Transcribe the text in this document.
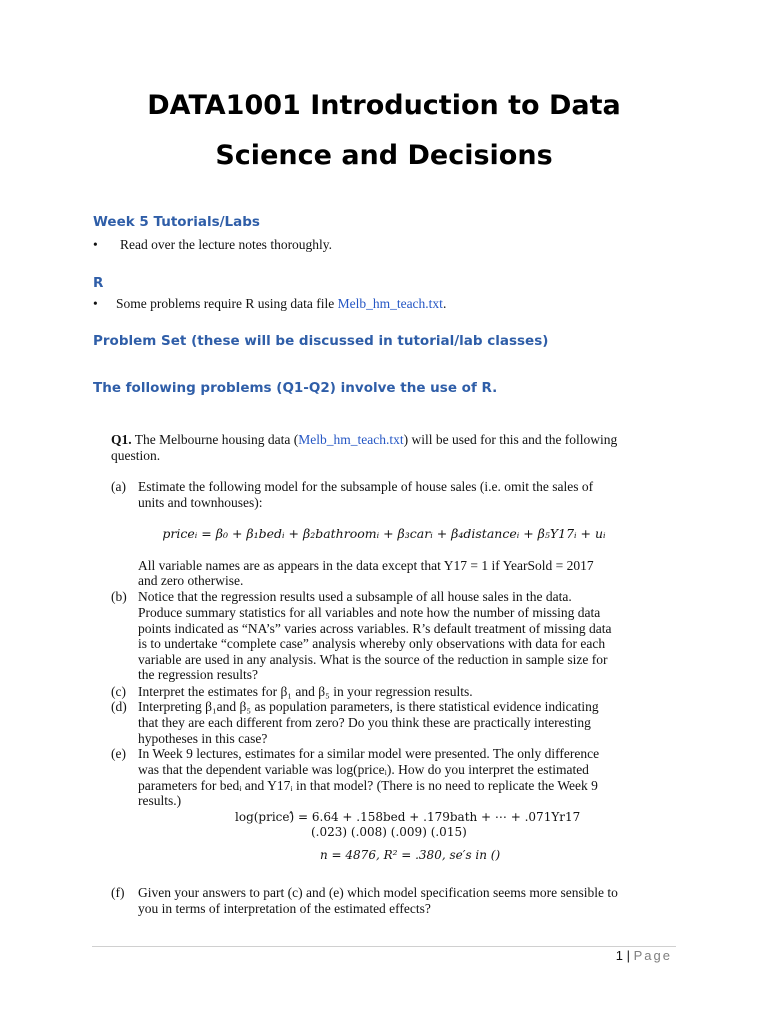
DATA1001 Introduction to Data
Science and Decisions
Week 5 Tutorials/Labs
• Read over the lecture notes thoroughly.
R
• Some problems require R using data file Melb_hm_teach.txt.
Problem Set (these will be discussed in tutorial/lab classes)
The following problems (Q1-Q2) involve the use of R.
Q1. The Melbourne housing data (Melb_hm_teach.txt) will be used for this and the following
question.
(a) Estimate the following model for the subsample of house sales (i.e. omit the sales of
units and townhouses):
priceᵢ = β₀ + β₁bedᵢ + β₂bathroomᵢ + β₃carᵢ + β₄distanceᵢ + β₅Y17ᵢ + uᵢ
All variable names are as appears in the data except that Y17 = 1 if YearSold = 2017
and zero otherwise.
(b) Notice that the regression results used a subsample of all house sales in the data.
Produce summary statistics for all variables and note how the number of missing data
points indicated as “NA’s” varies across variables. R’s default treatment of missing data
is to undertake “complete case” analysis whereby only observations with data for each
variable are used in any analysis. What is the source of the reduction in sample size for
the regression results?
(c) Interpret the estimates for β₁ and β₅ in your regression results.
(d) Interpreting β₁and β₅ as population parameters, is there statistical evidence indicating
that they are each different from zero? Do you think these are practically interesting
hypotheses in this case?
(e) In Week 9 lectures, estimates for a similar model were presented. The only difference
was that the dependent variable was log(priceᵢ). How do you interpret the estimated
parameters for bedᵢ and Y17ᵢ in that model? (There is no need to replicate the Week 9
results.)
log(price)̂ = 6.64 + .158bed + .179bath + ⋯ + .071Yr17
(.023) (.008) (.009) (.015)
n = 4876, R² = .380, se′s in ()
(f) Given your answers to part (c) and (e) which model specification seems more sensible to
you in terms of interpretation of the estimated effects?
1 | Page
